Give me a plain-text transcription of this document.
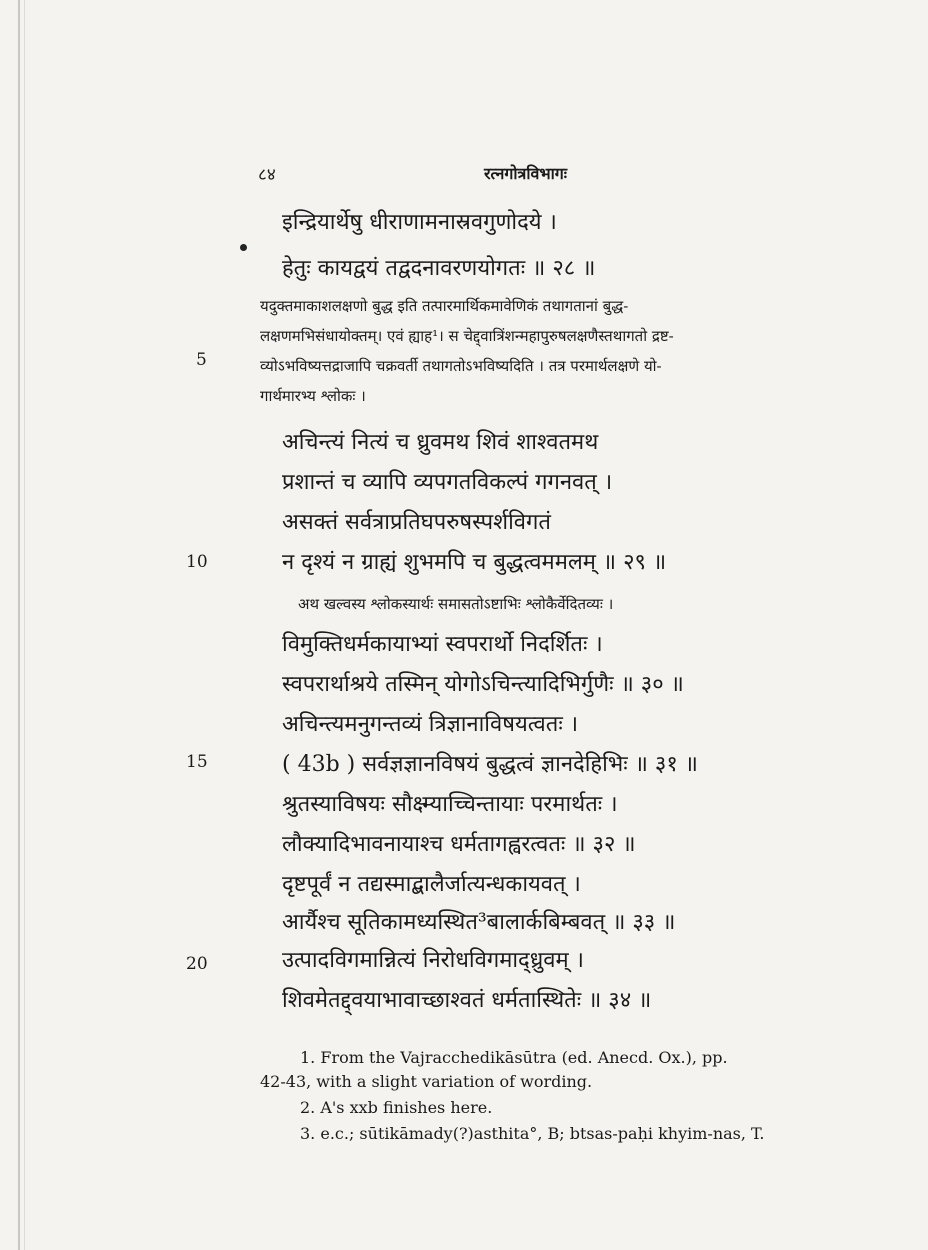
८४	रत्नगोत्रविभागः
इन्द्रियार्थेषु धीराणामनास्रवगुणोदये ।
हेतुः कायद्वयं तद्वदनावरणयोगतः ॥ २८ ॥
यदुक्तमाकाशलक्षणो बुद्ध इति तत्पारमार्थिकमावेणिकं तथागतानां बुद्ध-
लक्षणमभिसंधायोक्तम्। एवं ह्याह¹। स चेद्द्वात्रिंशन्महापुरुषलक्षणैस्तथागतो द्रष्ट-
व्योऽभविष्यत्तद्राजापि चक्रवर्ती तथागतोऽभविष्यदिति । तत्र परमार्थलक्षणे यो-
गार्थमारभ्य श्लोकः ।
5
अचिन्त्यं नित्यं च ध्रुवमथ शिवं शाश्वतमथ
प्रशान्तं च व्यापि व्यपगतविकल्पं गगनवत् ।
असक्तं सर्वत्राप्रतिघपरुषस्पर्शविगतं
न दृश्यं न ग्राह्यं शुभमपि च बुद्धत्वममलम् ॥ २९ ॥
10
अथ खल्वस्य श्लोकस्यार्थः समासतोऽष्टाभिः श्लोकैर्वेदितव्यः ।
विमुक्तिधर्मकायाभ्यां स्वपरार्थो निदर्शितः ।
स्वपरार्थाश्रये तस्मिन् योगोऽचिन्त्यादिभिर्गुणैः ॥ ३० ॥
अचिन्त्यमनुगन्तव्यं त्रिज्ञानाविषयत्वतः ।
( 43b ) सर्वज्ञज्ञानविषयं बुद्धत्वं ज्ञानदेहिभिः ॥ ३१ ॥
श्रुतस्याविषयः सौक्ष्म्याच्चिन्तायाः परमार्थतः ।
लौक्यादिभावनायाश्च धर्मतागह्वरत्वतः ॥ ३२ ॥
दृष्टपूर्वं न तद्यस्माद्बालैर्जात्यन्धकायवत् ।
आर्यैश्च सूतिकामध्यस्थित³बालार्कबिम्बवत् ॥ ३३ ॥
उत्पादविगमान्नित्यं निरोधविगमाद्ध्रुवम् ।
शिवमेतद्द्वयाभावाच्छाश्वतं धर्मतास्थितेः ॥ ३४ ॥
15
20
1. From the Vajracchedikāsūtra (ed. Anecd. Ox.), pp.
42-43, with a slight variation of wording.
2. A's xxb finishes here.
3. e.c.; sūtikāmady(?)asthita°, B; btsas-paḥi khyim-nas, T.
